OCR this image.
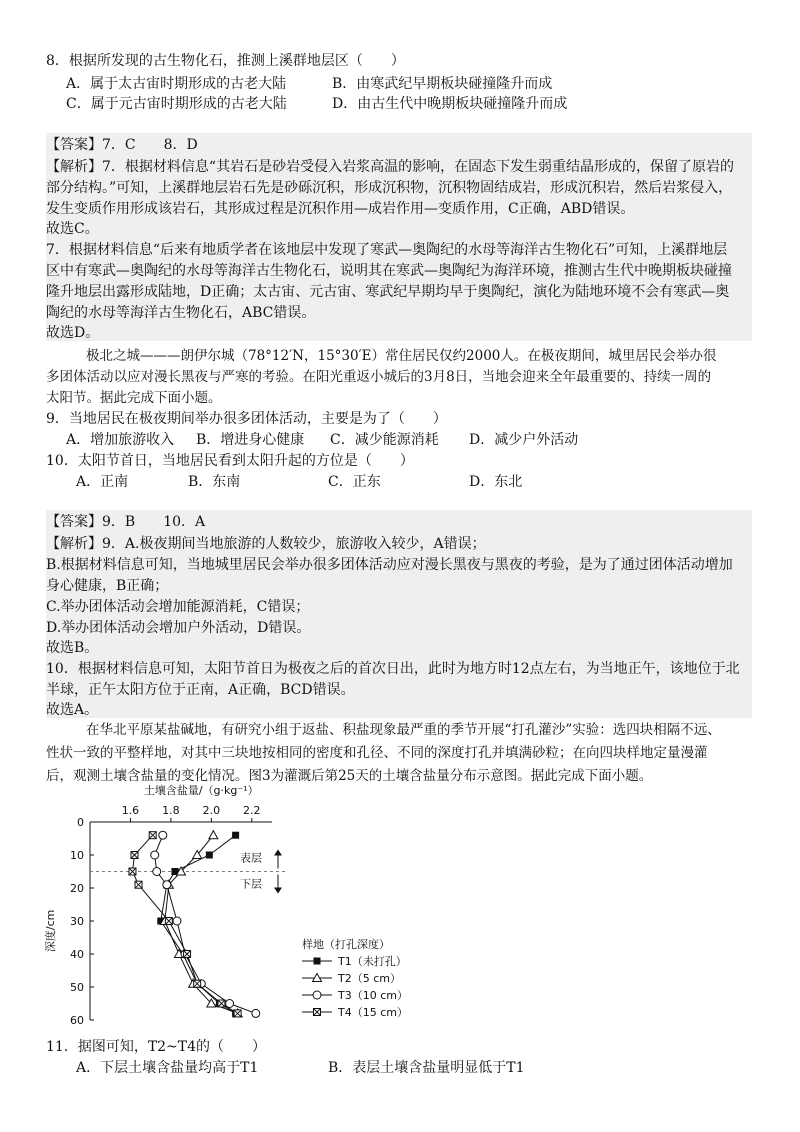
8．根据所发现的古生物化石，推测上溪群地层区（　　）
A．属于太古宙时期形成的古老大陆	B．由寒武纪早期板块碰撞隆升而成
C．属于元古宙时期形成的古老大陆	D．由古生代中晚期板块碰撞隆升而成
【答案】7．C　　8．D
【解析】7．根据材料信息“其岩石是砂岩受侵入岩浆高温的影响，在固态下发生弱重结晶形成的，保留了原岩的
部分结构。”可知，上溪群地层岩石先是砂砾沉积，形成沉积物，沉积物固结成岩，形成沉积岩，然后岩浆侵入，
发生变质作用形成该岩石，其形成过程是沉积作用—成岩作用—变质作用，C正确，ABD错误。
故选C。
7．根据材料信息“后来有地质学者在该地层中发现了寒武—奥陶纪的水母等海洋古生物化石”可知，上溪群地层
区中有寒武—奥陶纪的水母等海洋古生物化石，说明其在寒武—奥陶纪为海洋环境，推测古生代中晚期板块碰撞
隆升地层出露形成陆地，D正确；太古宙、元古宙、寒武纪早期均早于奥陶纪，演化为陆地环境不会有寒武—奥
陶纪的水母等海洋古生物化石，ABC错误。
故选D。
极北之城———朗伊尔城（78°12′N，15°30′E）常住居民仅约2000人。在极夜期间，城里居民会举办很
多团体活动以应对漫长黑夜与严寒的考验。在阳光重返小城后的3月8日，当地会迎来全年最重要的、持续一周的
太阳节。据此完成下面小题。
9．当地居民在极夜期间举办很多团体活动，主要是为了（　　）
A．增加旅游收入 B．增进身心健康 C．减少能源消耗 D．减少户外活动
10．太阳节首日，当地居民看到太阳升起的方位是（　　）
A．正南	B．东南	C．正东	D．东北
【答案】9．B　　10．A
【解析】9．A.极夜期间当地旅游的人数较少，旅游收入较少，A错误；
B.根据材料信息可知，当地城里居民会举办很多团体活动应对漫长黑夜与黑夜的考验，是为了通过团体活动增加
身心健康，B正确；
C.举办团体活动会增加能源消耗，C错误；
D.举办团体活动会增加户外活动，D错误。
故选B。
10．根据材料信息可知，太阳节首日为极夜之后的首次日出，此时为地方时12点左右，为当地正午，该地位于北
半球，正午太阳方位于正南，A正确，BCD错误。
故选A。
在华北平原某盐碱地，有研究小组于返盐、积盐现象最严重的季节开展“打孔灌沙”实验：选四块相隔不远、
性状一致的平整样地，对其中三块地按相同的密度和孔径、不同的深度打孔并填满砂粒；在向四块样地定量漫灌
后，观测土壤含盐量的变化情况。图3为灌溉后第25天的土壤含盐量分布示意图。据此完成下面小题。
土壤含盐量/（g·kg⁻¹）
1.6 1.8 2.0 2.2
0
10
20
30
40
50
60
深度/cm
表层
下层
样地（打孔深度）
T1（未打孔）
T2（5 cm）
T3（10 cm）
T4（15 cm）
11．据图可知，T2~T4的（　　）
A．下层土壤含盐量均高于T1	B．表层土壤含盐量明显低于T1
